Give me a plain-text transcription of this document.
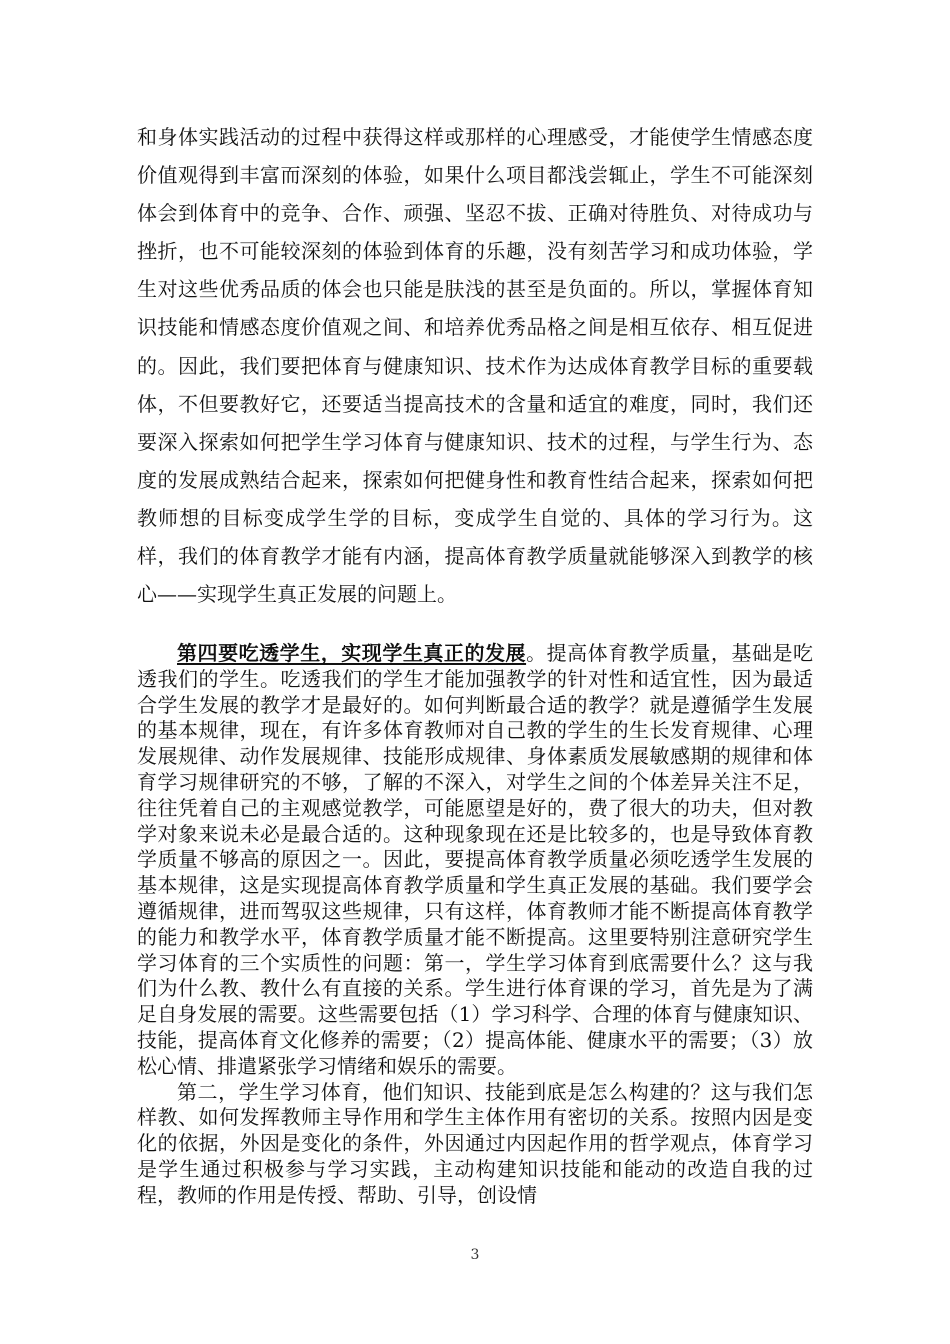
和身体实践活动的过程中获得这样或那样的心理感受，才能使学生情感态度价值观得到丰富而深刻的体验，如果什么项目都浅尝辄止，学生不可能深刻体会到体育中的竞争、合作、顽强、坚忍不拔、正确对待胜负、对待成功与挫折，也不可能较深刻的体验到体育的乐趣，没有刻苦学习和成功体验，学生对这些优秀品质的体会也只能是肤浅的甚至是负面的。所以，掌握体育知识技能和情感态度价值观之间、和培养优秀品格之间是相互依存、相互促进的。因此，我们要把体育与健康知识、技术作为达成体育教学目标的重要载体，不但要教好它，还要适当提高技术的含量和适宜的难度，同时，我们还要深入探索如何把学生学习体育与健康知识、技术的过程，与学生行为、态度的发展成熟结合起来，探索如何把健身性和教育性结合起来，探索如何把教师想的目标变成学生学的目标，变成学生自觉的、具体的学习行为。这样，我们的体育教学才能有内涵，提高体育教学质量就能够深入到教学的核心——实现学生真正发展的问题上。

第四要吃透学生，实现学生真正的发展。提高体育教学质量，基础是吃透我们的学生。吃透我们的学生才能加强教学的针对性和适宜性，因为最适合学生发展的教学才是最好的。如何判断最合适的教学？就是遵循学生发展的基本规律，现在，有许多体育教师对自己教的学生的生长发育规律、心理发展规律、动作发展规律、技能形成规律、身体素质发展敏感期的规律和体育学习规律研究的不够，了解的不深入，对学生之间的个体差异关注不足，往往凭着自己的主观感觉教学，可能愿望是好的，费了很大的功夫，但对教学对象来说未必是最合适的。这种现象现在还是比较多的，也是导致体育教学质量不够高的原因之一。因此，要提高体育教学质量必须吃透学生发展的基本规律，这是实现提高体育教学质量和学生真正发展的基础。我们要学会遵循规律，进而驾驭这些规律，只有这样，体育教师才能不断提高体育教学的能力和教学水平，体育教学质量才能不断提高。这里要特别注意研究学生学习体育的三个实质性的问题：第一，学生学习体育到底需要什么？这与我们为什么教、教什么有直接的关系。学生进行体育课的学习，首先是为了满足自身发展的需要。这些需要包括（1）学习科学、合理的体育与健康知识、技能，提高体育文化修养的需要；（2）提高体能、健康水平的需要；（3）放松心情、排遣紧张学习情绪和娱乐的需要。

第二，学生学习体育，他们知识、技能到底是怎么构建的？这与我们怎样教、如何发挥教师主导作用和学生主体作用有密切的关系。按照内因是变化的依据，外因是变化的条件，外因通过内因起作用的哲学观点，体育学习是学生通过积极参与学习实践，主动构建知识技能和能动的改造自我的过程，教师的作用是传授、帮助、引导，创设情

3
